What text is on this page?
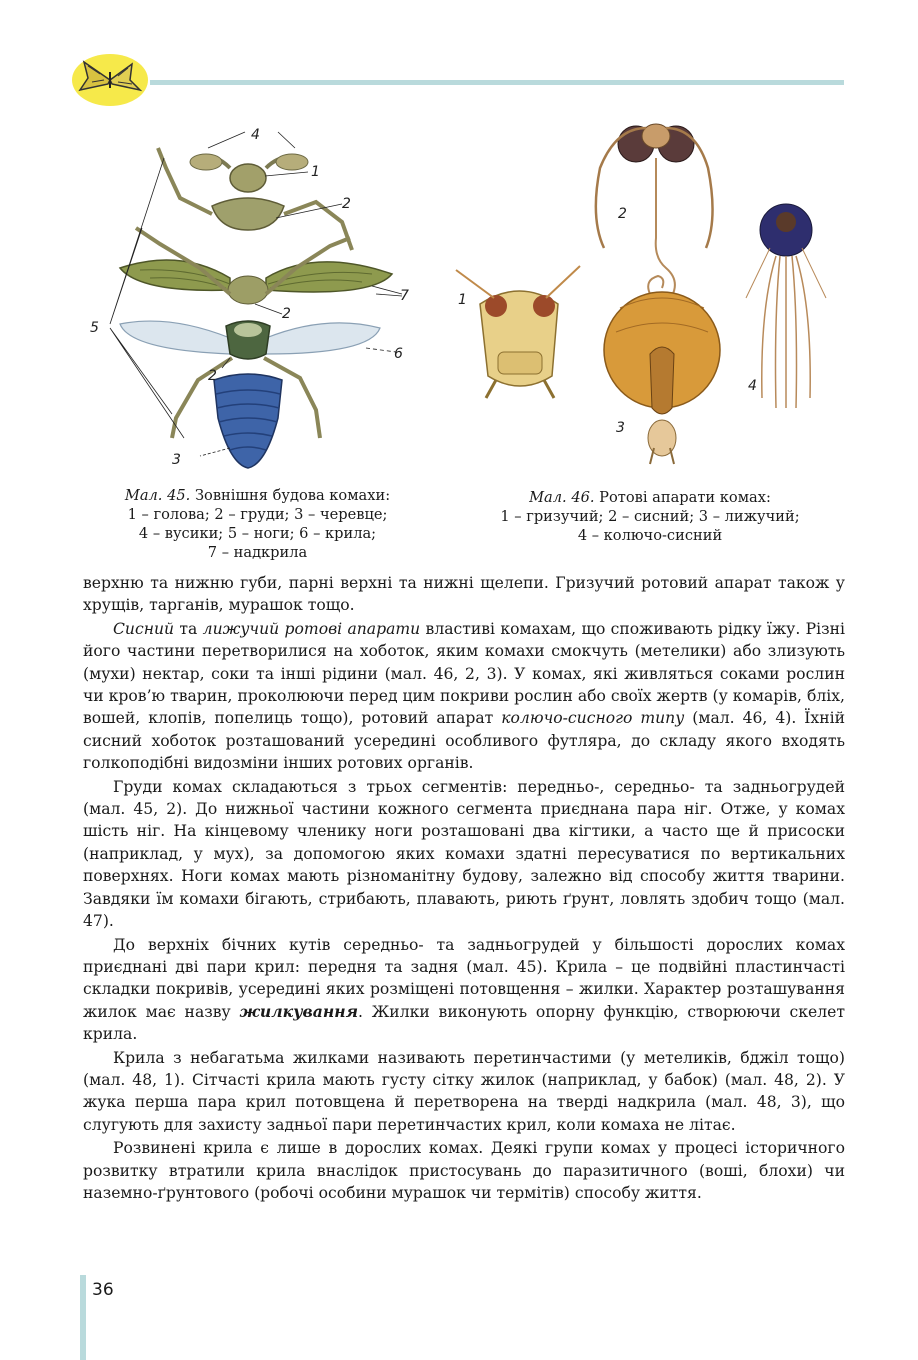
4
1
2
2
2
5
7
6
3
2
1
3
4
Мал. 45. Зовнішня будова комахи:
1 – голова; 2 – груди; 3 – черевце;
4 – вусики; 5 – ноги; 6 – крила;
7 – надкрила
Мал. 46. Ротові апарати комах:
1 – гризучий; 2 – сисний; 3 – лижучий;
4 – колючо-сисний

верхню та нижню губи, парні верхні та нижні щелепи. Гризучий ротовий апарат також у хрущів, тарганів, мурашок тощо.

Сисний та лижучий ротові апарати властиві комахам, що споживають рідку їжу. Різні його частини перетворилися на хоботок, яким комахи смокчуть (метелики) або злизують (мухи) нектар, соки та інші рідини (мал. 46, 2, 3). У комах, які живляться соками рослин чи кров’ю тварин, проколюючи перед цим покриви рослин або своїх жертв (у комарів, бліх, вошей, клопів, попелиць тощо), ротовий апарат колючо-сисного типу (мал. 46, 4). Їхній сисний хоботок розташований усередині особливого футляра, до складу якого входять голкоподібні видозміни інших ротових органів.

Груди комах складаються з трьох сегментів: передньо-, середньо- та задньогрудей (мал. 45, 2). До нижньої частини кожного сегмента приєднана пара ніг. Отже, у комах шість ніг. На кінцевому членику ноги розташовані два кігтики, а часто ще й присоски (наприклад, у мух), за допомогою яких комахи здатні пересуватися по вертикальних поверхнях. Ноги комах мають різноманітну будову, залежно від способу життя тварини. Завдяки їм комахи бігають, стрибають, плавають, риють ґрунт, ловлять здобич тощо (мал. 47).

До верхніх бічних кутів середньо- та задньогрудей у більшості дорослих комах приєднані дві пари крил: передня та задня (мал. 45). Крила – це подвійні пластинчасті складки покривів, усередині яких розміщені потовщення – жилки. Характер розташування жилок має назву жилкування. Жилки виконують опорну функцію, створюючи скелет крила.

Крила з небагатьма жилками називають перетинчастими (у метеликів, бджіл тощо) (мал. 48, 1). Сітчасті крила мають густу сітку жилок (наприклад, у бабок) (мал. 48, 2). У жука перша пара крил потовщена й перетворена на тверді надкрила (мал. 48, 3), що слугують для захисту задньої пари перетинчастих крил, коли комаха не літає.

Розвинені крила є лише в дорослих комах. Деякі групи комах у процесі історичного розвитку втратили крила внаслідок пристосувань до паразитичного (воші, блохи) чи наземно-ґрунтового (робочі особини мурашок чи термітів) способу життя.

36
